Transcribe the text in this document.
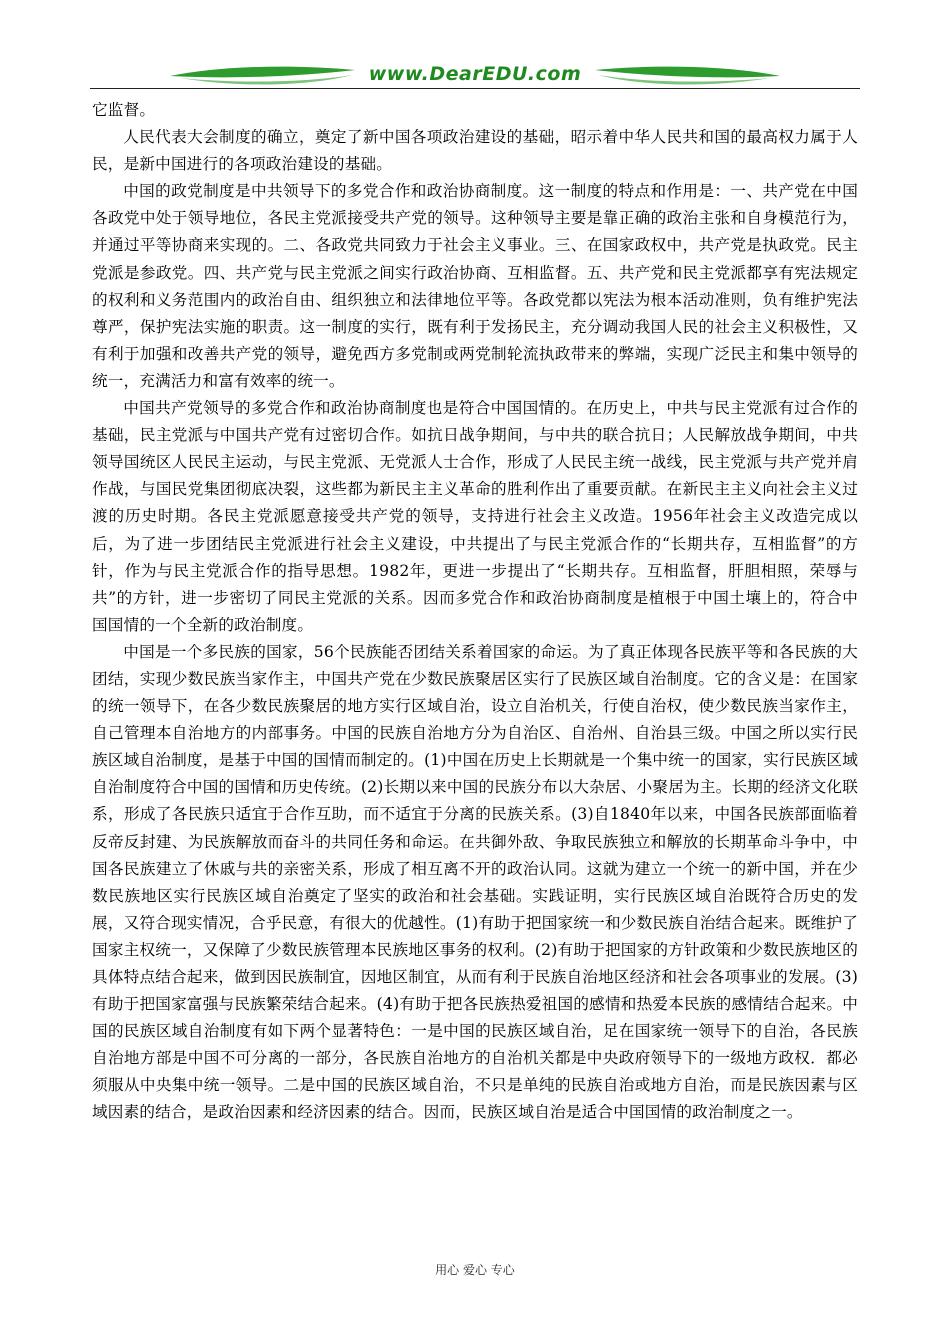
www.DearEDU.com

它监督。

人民代表大会制度的确立，奠定了新中国各项政治建设的基础，昭示着中华人民共和国的最高权力属于人民，是新中国进行的各项政治建设的基础。

中国的政党制度是中共领导下的多党合作和政治协商制度。这一制度的特点和作用是：一、共产党在中国各政党中处于领导地位，各民主党派接受共产党的领导。这种领导主要是靠正确的政治主张和自身模范行为，并通过平等协商来实现的。二、各政党共同致力于社会主义事业。三、在国家政权中，共产党是执政党。民主党派是参政党。四、共产党与民主党派之间实行政治协商、互相监督。五、共产党和民主党派都享有宪法规定的权利和义务范围内的政治自由、组织独立和法律地位平等。各政党都以宪法为根本活动准则，负有维护宪法尊严，保护宪法实施的职责。这一制度的实行，既有利于发扬民主，充分调动我国人民的社会主义积极性，又有利于加强和改善共产党的领导，避免西方多党制或两党制轮流执政带来的弊端，实现广泛民主和集中领导的统一，充满活力和富有效率的统一。

中国共产党领导的多党合作和政治协商制度也是符合中国国情的。在历史上，中共与民主党派有过合作的基础，民主党派与中国共产党有过密切合作。如抗日战争期间，与中共的联合抗日；人民解放战争期间，中共领导国统区人民民主运动，与民主党派、无党派人士合作，形成了人民民主统一战线，民主党派与共产党并肩作战，与国民党集团彻底决裂，这些都为新民主主义革命的胜利作出了重要贡献。在新民主主义向社会主义过渡的历史时期。各民主党派愿意接受共产党的领导，支持进行社会主义改造。1956年社会主义改造完成以后，为了进一步团结民主党派进行社会主义建设，中共提出了与民主党派合作的“长期共存，互相监督”的方针，作为与民主党派合作的指导思想。1982年，更进一步提出了“长期共存。互相监督，肝胆相照，荣辱与共”的方针，进一步密切了同民主党派的关系。因而多党合作和政治协商制度是植根于中国土壤上的，符合中国国情的一个全新的政治制度。

中国是一个多民族的国家，56个民族能否团结关系着国家的命运。为了真正体现各民族平等和各民族的大团结，实现少数民族当家作主，中国共产党在少数民族聚居区实行了民族区域自治制度。它的含义是：在国家的统一领导下，在各少数民族聚居的地方实行区域自治，设立自治机关，行使自治权，使少数民族当家作主，自己管理本自治地方的内部事务。中国的民族自治地方分为自治区、自治州、自治县三级。中国之所以实行民族区域自治制度，是基于中国的国情而制定的。(1)中国在历史上长期就是一个集中统一的国家，实行民族区域自治制度符合中国的国情和历史传统。(2)长期以来中国的民族分布以大杂居、小聚居为主。长期的经济文化联系，形成了各民族只适宜于合作互助，而不适宜于分离的民族关系。(3)自1840年以来，中国各民族部面临着反帝反封建、为民族解放而奋斗的共同任务和命运。在共御外敌、争取民族独立和解放的长期革命斗争中，中国各民族建立了休戚与共的亲密关系，形成了相互离不开的政治认同。这就为建立一个统一的新中国，并在少数民族地区实行民族区域自治奠定了坚实的政治和社会基础。实践证明，实行民族区域自治既符合历史的发展，又符合现实情况，合乎民意，有很大的优越性。(1)有助于把国家统一和少数民族自治结合起来。既维护了国家主权统一，又保障了少数民族管理本民族地区事务的权利。(2)有助于把国家的方针政策和少数民族地区的具体特点结合起来，做到因民族制宜，因地区制宜，从而有利于民族自治地区经济和社会各项事业的发展。(3)有助于把国家富强与民族繁荣结合起来。(4)有助于把各民族热爱祖国的感情和热爱本民族的感情结合起来。中国的民族区域自治制度有如下两个显著特色：一是中国的民族区域自治，足在国家统一领导下的自治，各民族自治地方部是中国不可分离的一部分，各民族自治地方的自治机关都是中央政府领导下的一级地方政权．都必须服从中央集中统一领导。二是中国的民族区域自治，不只是单纯的民族自治或地方自治，而是民族因素与区域因素的结合，是政治因素和经济因素的结合。因而，民族区域自治是适合中国国情的政治制度之一。

用心 爱心 专心
